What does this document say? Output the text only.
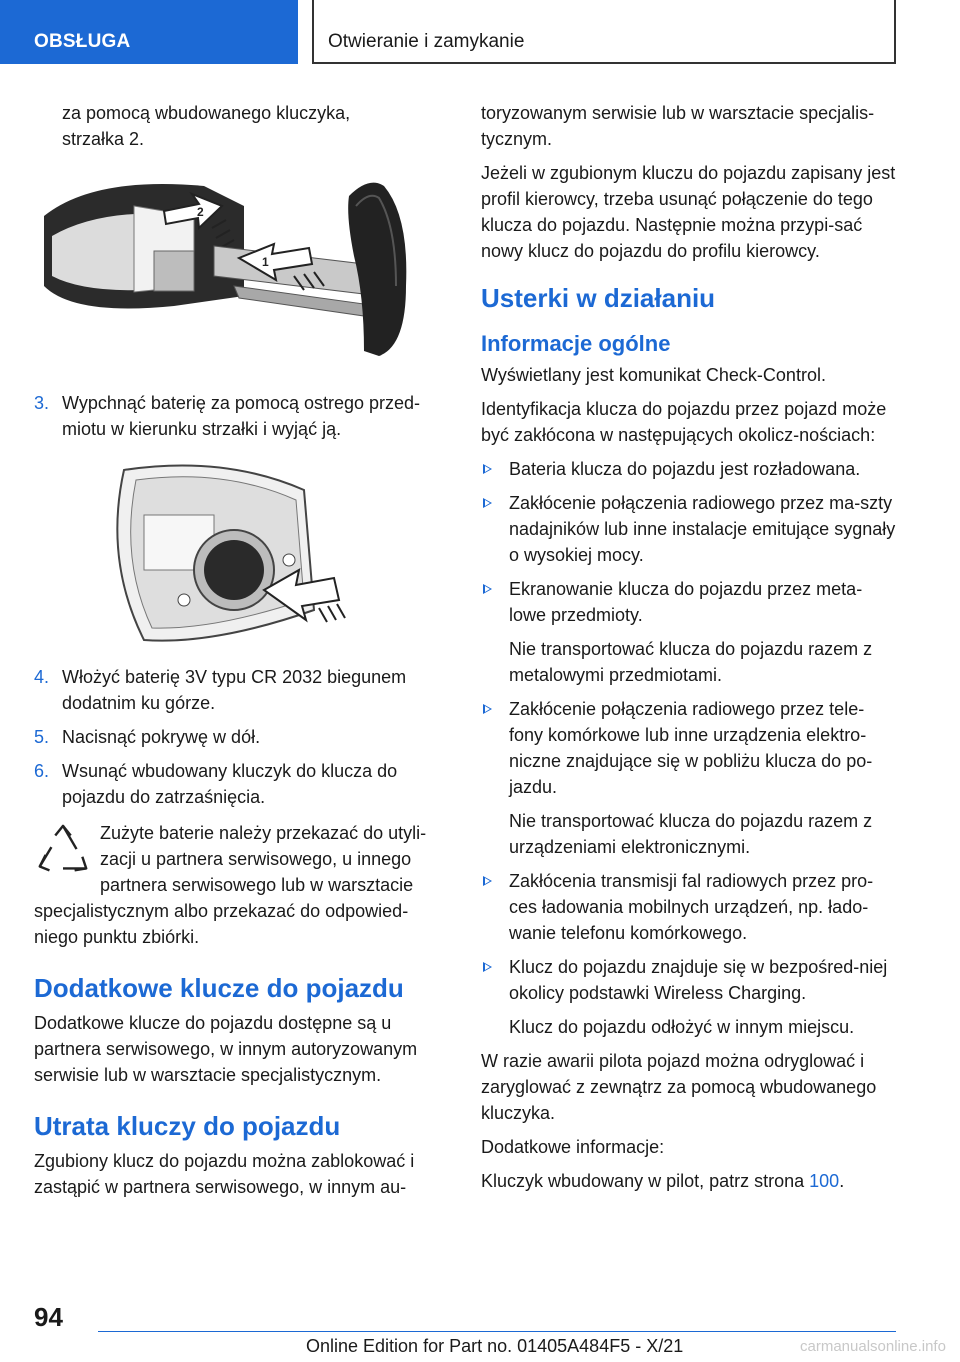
OBSŁUGA	Otwieranie i zamykanie

za pomocą wbudowanego kluczyka,
strzałka 2.

2
1
3. Wypchnąć baterię za pomocą ostrego przed-miotu w kierunku strzałki i wyjąć ją.
4. Włożyć baterię 3V typu CR 2032 biegunem dodatnim ku górze.
5. Nacisnąć pokrywę w dół.
6. Wsunąć wbudowany kluczyk do klucza do pojazdu do zatrzaśnięcia.

Zużyte baterie należy przekazać do utyli-zacji u partnera serwisowego, u innego partnera serwisowego lub w warsztacie specjalistycznym albo przekazać do odpowied-niego punktu zbiórki.

Dodatkowe klucze do pojazdu

Dodatkowe klucze do pojazdu dostępne są u partnera serwisowego, w innym autoryzowanym serwisie lub w warsztacie specjalistycznym.

Utrata kluczy do pojazdu

Zgubiony klucz do pojazdu można zablokować i zastąpić w partnera serwisowego, w innym au-

toryzowanym serwisie lub w warsztacie specjalis-tycznym.

Jeżeli w zgubionym kluczu do pojazdu zapisany jest profil kierowcy, trzeba usunąć połączenie do tego klucza do pojazdu. Następnie można przypi-sać nowy klucz do pojazdu do profilu kierowcy.

Usterki w działaniu
Informacje ogólne

Wyświetlany jest komunikat Check-Control.

Identyfikacja klucza do pojazdu przez pojazd może być zakłócona w następujących okolicz-nościach:

Bateria klucza do pojazdu jest rozładowana.
Zakłócenie połączenia radiowego przez ma-szty nadajników lub inne instalacje emitujące sygnały o wysokiej mocy.
Ekranowanie klucza do pojazdu przez meta-lowe przedmioty.
Nie transportować klucza do pojazdu razem z metalowymi przedmiotami.
Zakłócenie połączenia radiowego przez tele-fony komórkowe lub inne urządzenia elektro-niczne znajdujące się w pobliżu klucza do po-jazdu.
Nie transportować klucza do pojazdu razem z urządzeniami elektronicznymi.
Zakłócenia transmisji fal radiowych przez pro-ces ładowania mobilnych urządzeń, np. łado-wanie telefonu komórkowego.
Klucz do pojazdu znajduje się w bezpośred-niej okolicy podstawki Wireless Charging.
Klucz do pojazdu odłożyć w innym miejscu.

W razie awarii pilota pojazd można odryglować i zaryglować z zewnątrz za pomocą wbudowanego kluczyka.

Dodatkowe informacje:

Kluczyk wbudowany w pilot, patrz strona 100.

94
Online Edition for Part no. 01405A484F5 - X/21	carmanualsonline.info
